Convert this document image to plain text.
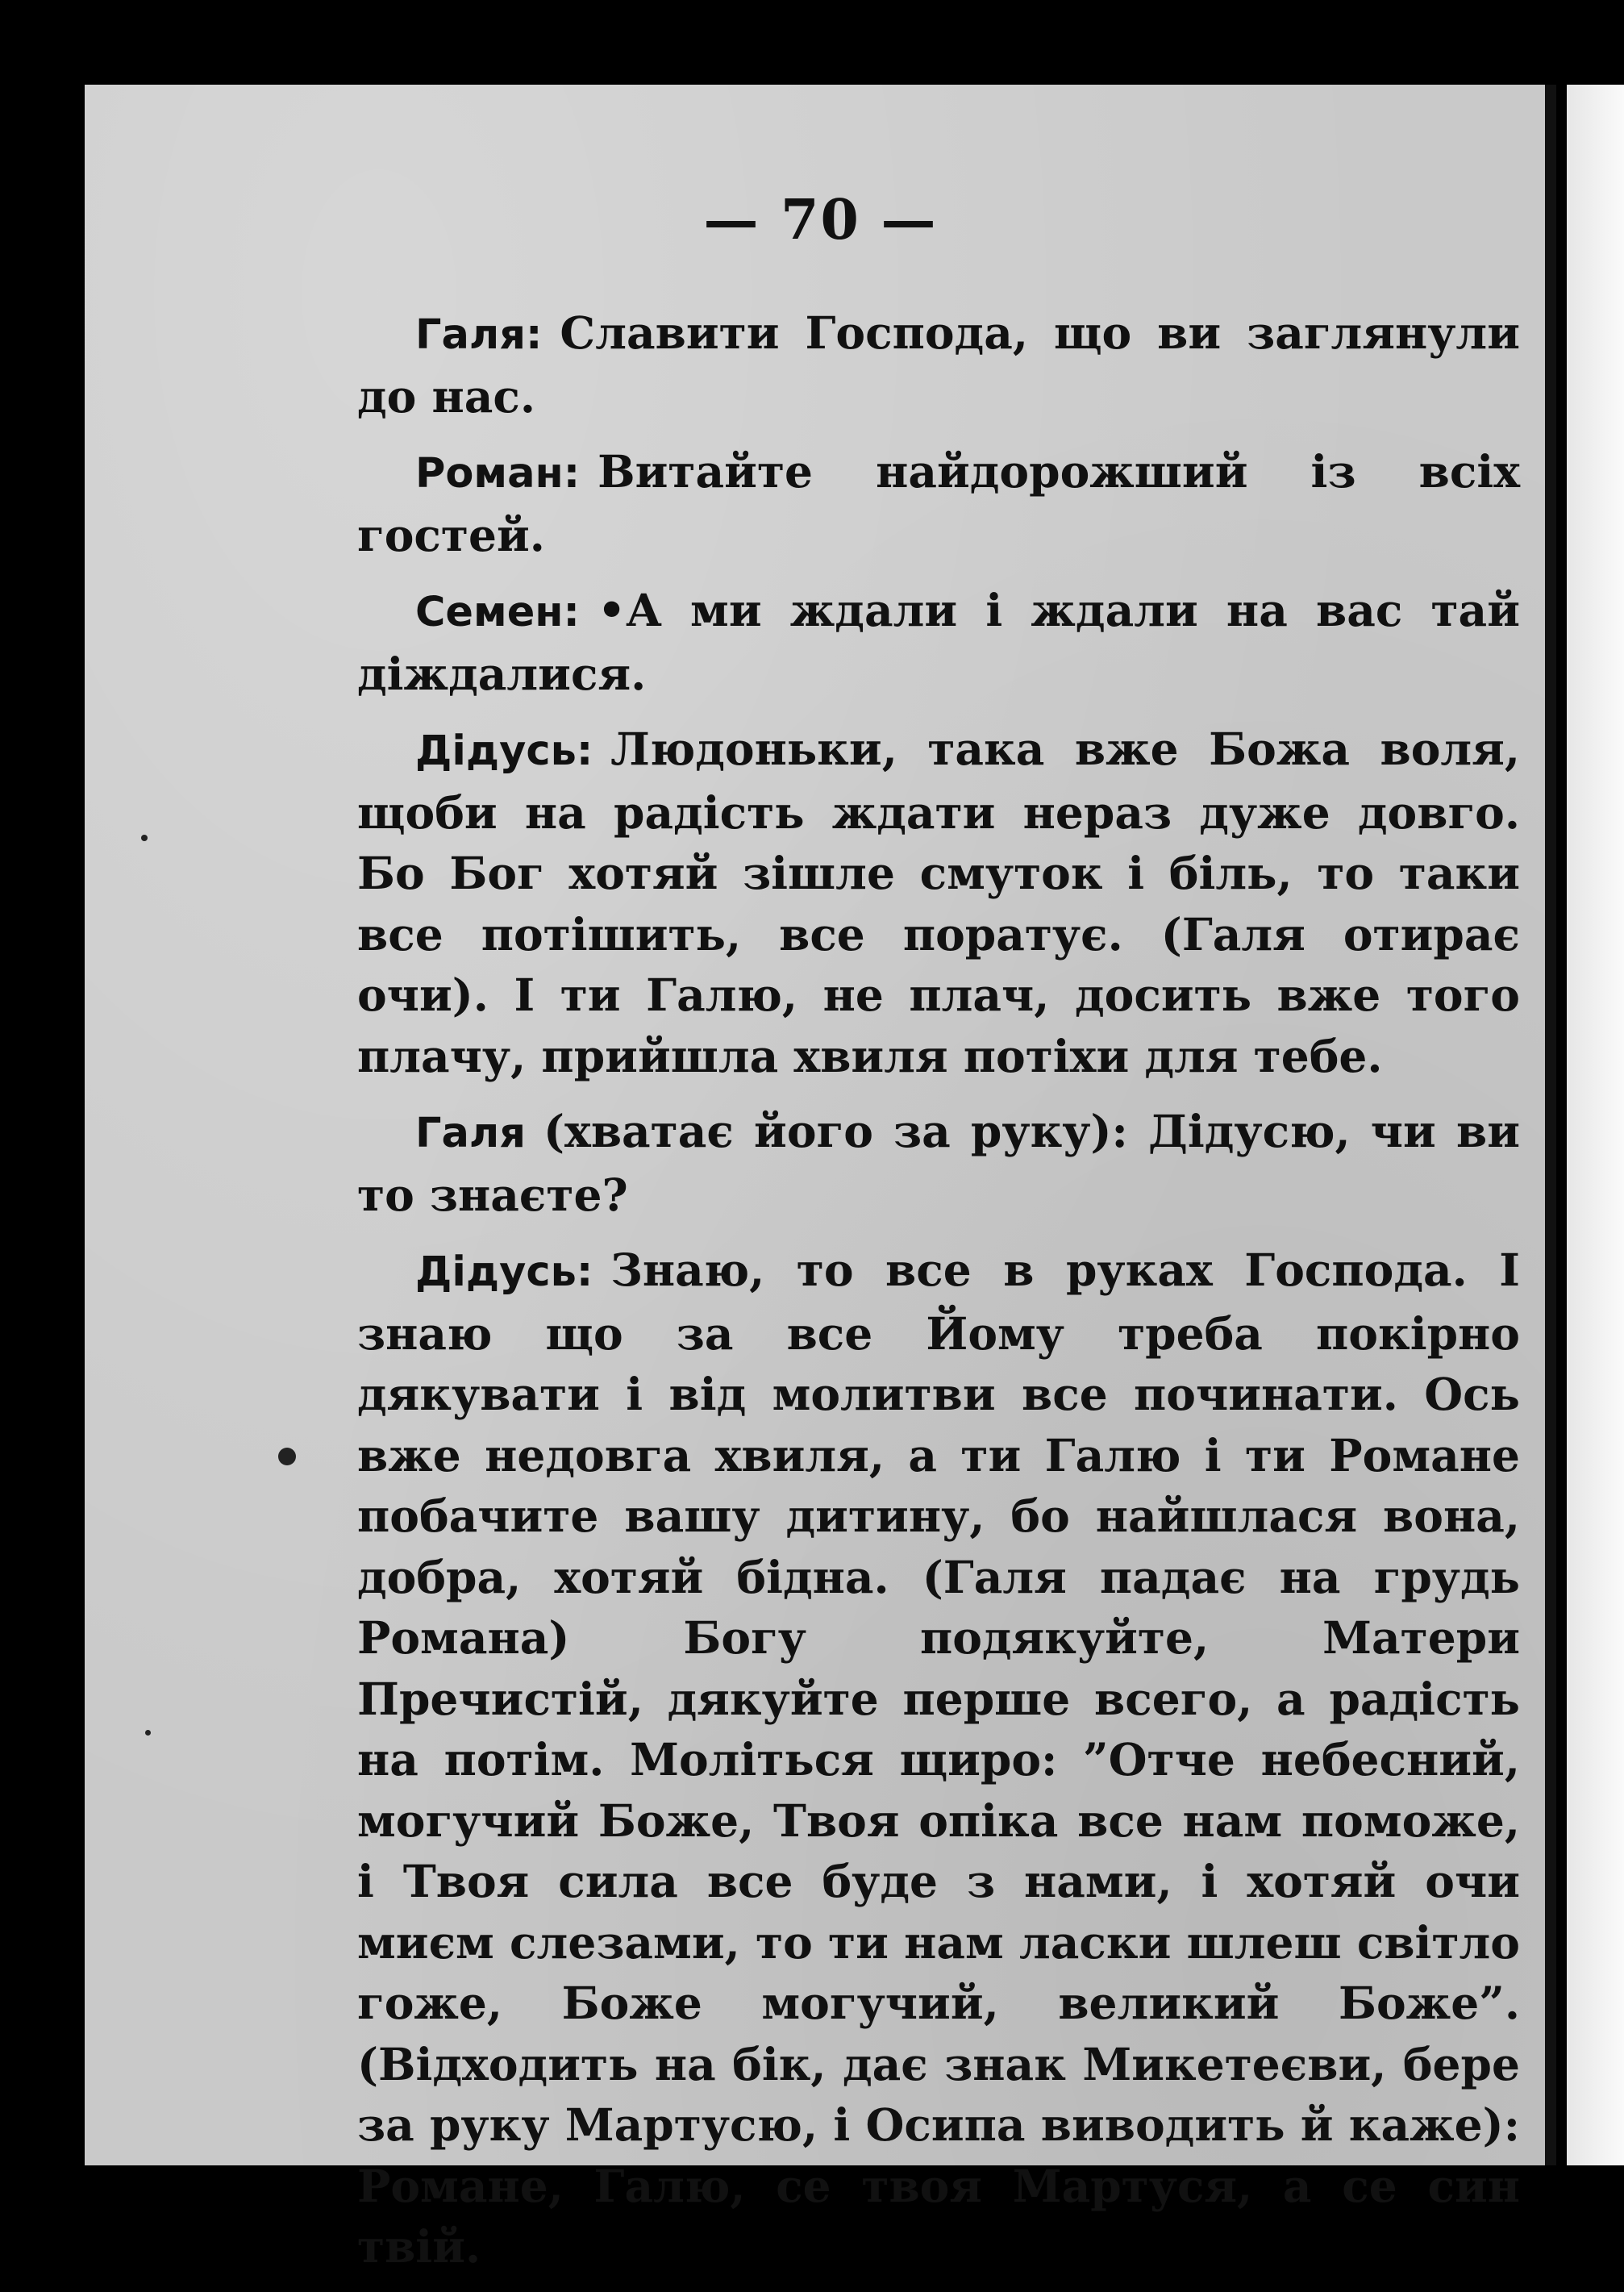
— 70 —

Галя: Славити Господа, що ви заглянули до нас.

Роман: Витайте найдорожший із всіх гостей.

Семен: •А ми ждали і ждали на вас тай діждалися.

Дідусь: Людоньки, така вже Божа воля, щоби на радість ждати нераз дуже довго. Бо Бог хотяй зішле смуток і біль, то таки все потішить, все поратує. (Галя отирає очи). І ти Галю, не плач, досить вже того плачу, прийшла хвиля потіхи для тебе.

Галя (хватає його за руку): Дідусю, чи ви то знаєте?

Дідусь: Знаю, то все в руках Господа. І знаю що за все Йому треба покірно дякувати і від молитви все починати. Ось вже недовга хвиля, а ти Галю і ти Романе побачите вашу дитину, бо найшлася вона, добра, хотяй бідна. (Галя падає на грудь Романа) Богу подякуйте, Матери Пречистій, дякуйте перше всего, а радість на потім. Моліться щиро: ”Отче небесний, могучий Боже, Твоя опіка все нам поможе, і Твоя сила все буде з нами, і хотяй очи миєм слезами, то ти нам ласки шлеш світло гоже, Боже могучий, великий Боже”. (Відходить на бік, дає знак Микетеєви, бере за руку Мартусю, і Осипа виводить й каже): Романе, Галю, се твоя Мартуся, а се син твій.
